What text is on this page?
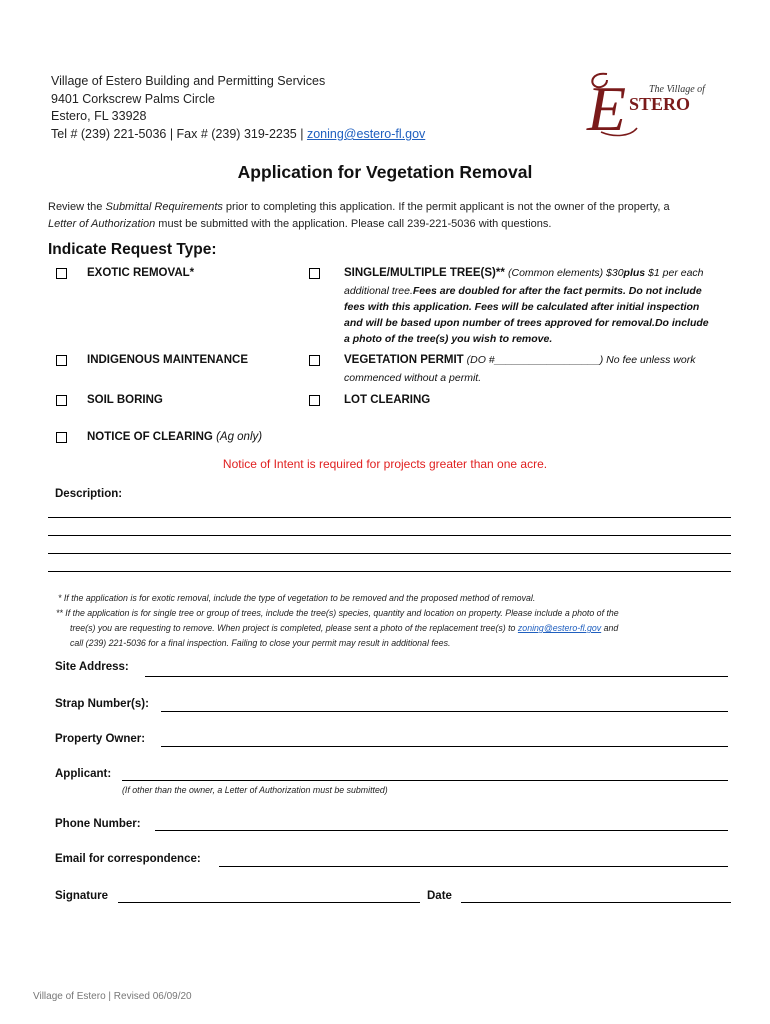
Village of Estero Building and Permitting Services
9401 Corkscrew Palms Circle
Estero, FL 33928
Tel # (239) 221-5036 | Fax # (239) 319-2235 | zoning@estero-fl.gov	E The Village of
STERO
Application for Vegetation Removal
Review the Submittal Requirements prior to completing this application. If the permit applicant is not the owner of the property, a
Letter of Authorization must be submitted with the application. Please call 239-221-5036 with questions.
Indicate Request Type:
EXOTIC REMOVAL*	SINGLE/MULTIPLE TREE(S)** (Common elements) $30plus $1 per each
additional tree.Fees are doubled for after the fact permits. Do not include
fees with this application. Fees will be calculated after initial inspection
and will be based upon number of trees approved for removal.Do include
a photo of the tree(s) you wish to remove.
INDIGENOUS MAINTENANCE	VEGETATION PERMIT (DO #__________________) No fee unless work
commenced without a permit.
SOIL BORING	LOT CLEARING
NOTICE OF CLEARING (Ag only)
Notice of Intent is required for projects greater than one acre.
Description:
* If the application is for exotic removal, include the type of vegetation to be removed and the proposed method of removal.
** If the application is for single tree or group of trees, include the tree(s) species, quantity and location on property. Please include a photo of the
tree(s) you are requesting to remove. When project is completed, please sent a photo of the replacement tree(s) to zoning@estero-fl.gov and
call (239) 221-5036 for a final inspection. Failing to close your permit may result in additional fees.
Site Address:
Strap Number(s):
Property Owner:
Applicant:
(If other than the owner, a Letter of Authorization must be submitted)
Phone Number:
Email for correspondence:
Signature	Date
Village of Estero | Revised 06/09/20
